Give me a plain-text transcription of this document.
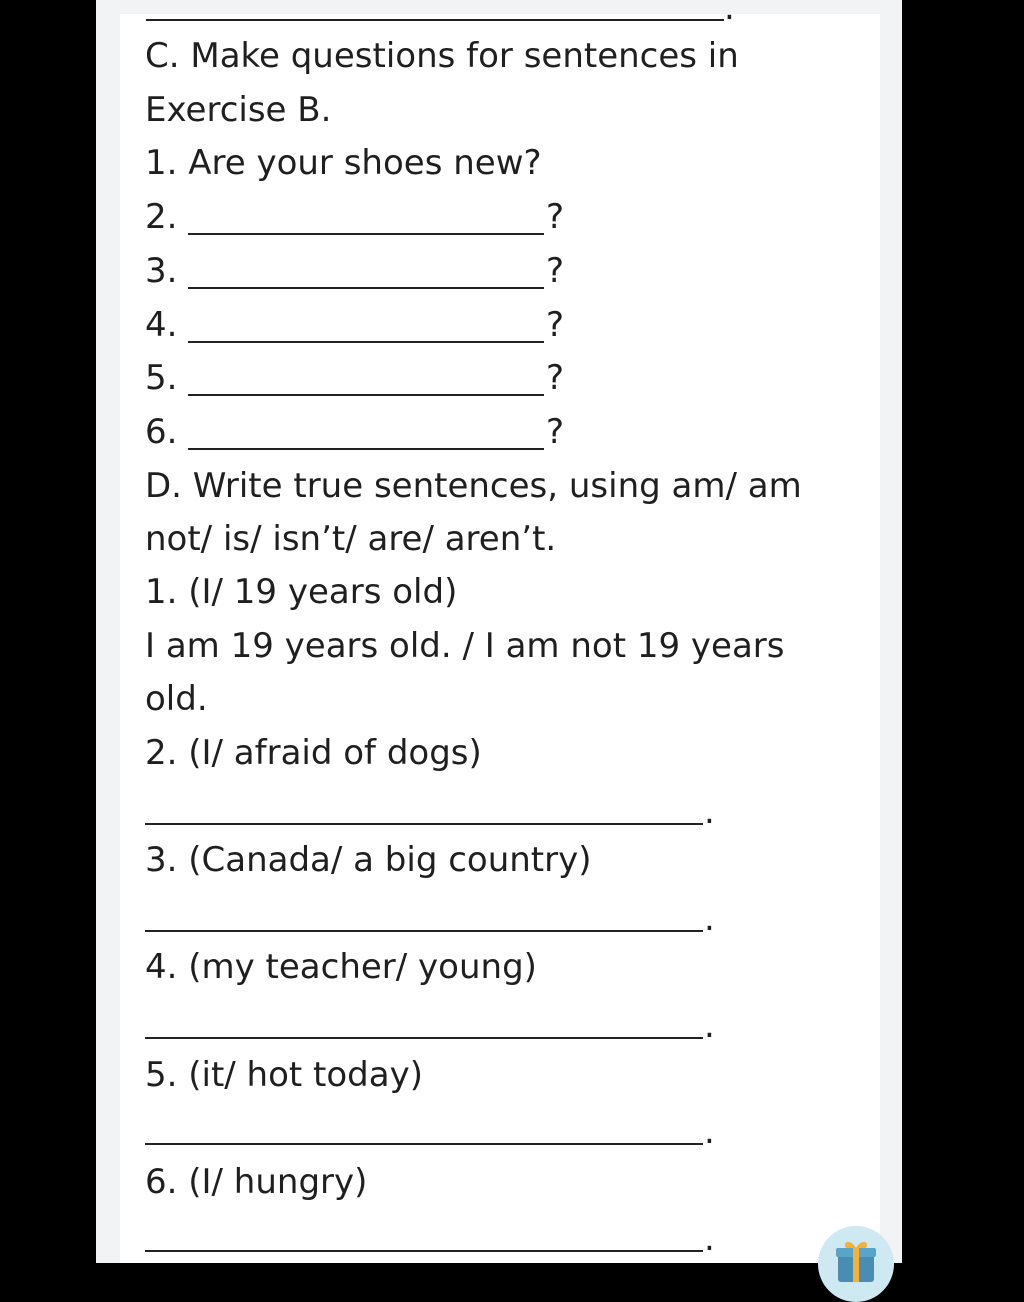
.
C. Make questions for sentences in
Exercise B.
1. Are your shoes new?
2.	?
3.	?
4.	?
5.	?
6.	?
D. Write true sentences, using am/ am
not/ is/ isn’t/ are/ aren’t.
1. (I/ 19 years old)
I am 19 years old. / I am not 19 years
old.
2. (I/ afraid of dogs)
.
3. (Canada/ a big country)
.
4. (my teacher/ young)
.
5. (it/ hot today)
.
6. (I/ hungry)
.
